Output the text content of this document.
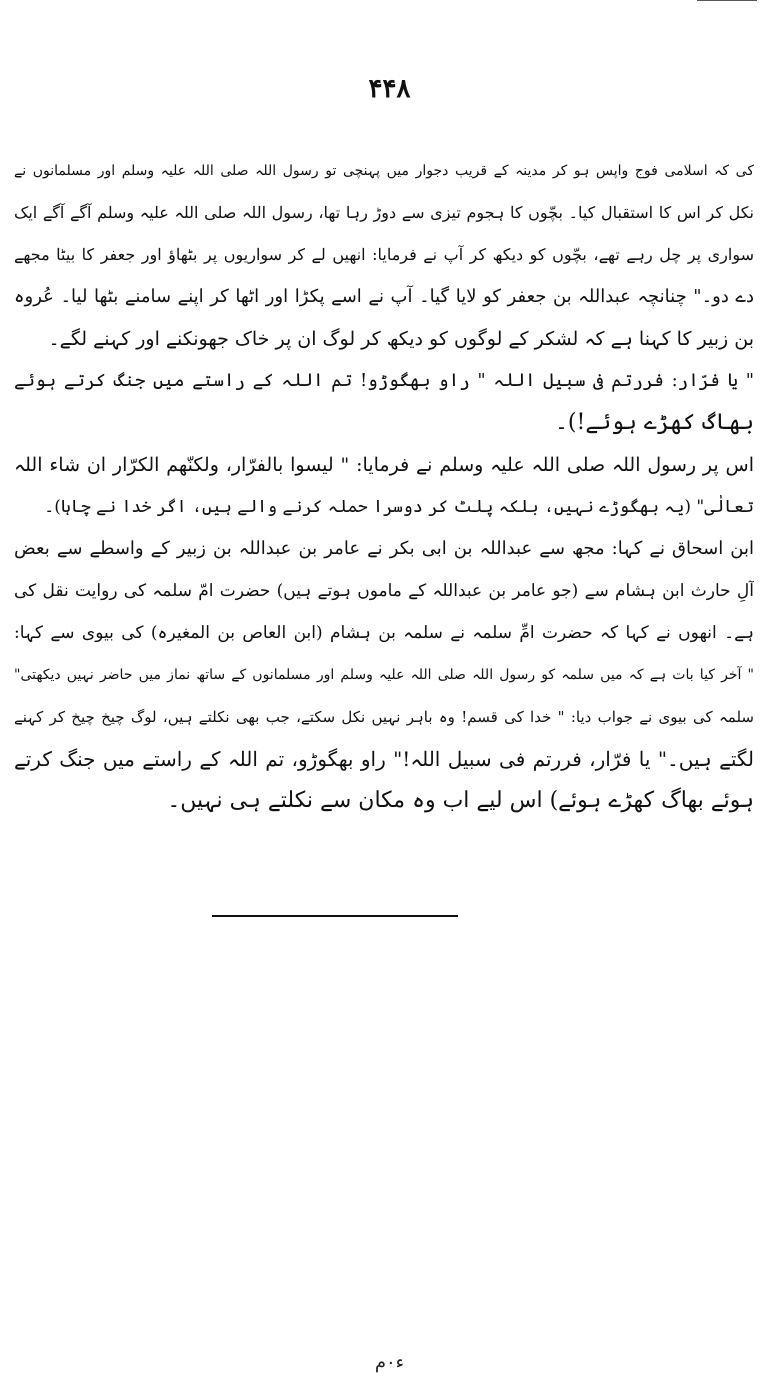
۴۴۸
کی کہ اسلامی فوج واپس ہو کر مدینہ کے قریب دجوار میں پہنچی تو رسول اللہ صلی اللہ علیہ وسلم اور مسلمانوں نے
نکل کر اس کا استقبال کیا۔ بچّوں کا ہجوم تیزی سے دوڑ رہا تھا، رسول اللہ صلی اللہ علیہ وسلم آگے آگے ایک
سواری پر چل رہے تھے، بچّوں کو دیکھ کر آپ نے فرمایا: انھیں لے کر سواریوں پر بٹھاؤ اور جعفر کا بیٹا مجھے
دے دو۔" چنانچہ عبداللہ بن جعفر کو لایا گیا۔ آپ نے اسے پکڑا اور اٹھا کر اپنے سامنے بٹھا لیا۔ عُروہ
بن زبیر کا کہنا ہے کہ لشکر کے لوگوں کو دیکھ کر لوگ ان پر خاک جھونکنے اور کہنے لگے۔
" یا فرّار: فررتم فی سبیل اللہ " راو بھگوڑو! تم اللہ کے راستے میں جنگ کرتے ہوئے
بھاگ کھڑے ہوئے!)۔
اس پر رسول اللہ صلی اللہ علیہ وسلم نے فرمایا: " لیسوا بالفرّار، ولکنّھم الکرّار ان شاء اللہ
تعالٰی" (یہ بھگوڑے نہیں، بلکہ پلٹ کر دوسرا حملہ کرنے والے ہیں، اگر خدا نے چاہا)۔
ابن اسحاق نے کہا: مجھ سے عبداللہ بن ابی بکر نے عامر بن عبداللہ بن زبیر کے واسطے سے بعض
آلِ حارث ابن ہشام سے (جو عامر بن عبداللہ کے ماموں ہوتے ہیں) حضرت امّ سلمہ کی روایت نقل کی
ہے۔ انھوں نے کہا کہ حضرت امِّ سلمہ نے سلمہ بن ہشام (ابن العاص بن المغیرہ) کی بیوی سے کہا:
" آخر کیا بات ہے کہ میں سلمہ کو رسول اللہ صلی اللہ علیہ وسلم اور مسلمانوں کے ساتھ نماز میں حاضر نہیں دیکھتی"
سلمہ کی بیوی نے جواب دیا: " خدا کی قسم! وہ باہر نہیں نکل سکتے، جب بھی نکلتے ہیں، لوگ چیخ چیخ کر کہنے
لگتے ہیں۔" یا فرّار، فررتم فی سبیل اللہ!" راو بھگوڑو، تم اللہ کے راستے میں جنگ کرتے
ہوئے بھاگ کھڑے ہوئے) اس لیے اب وہ مکان سے نکلتے ہی نہیں۔
ء۰م
